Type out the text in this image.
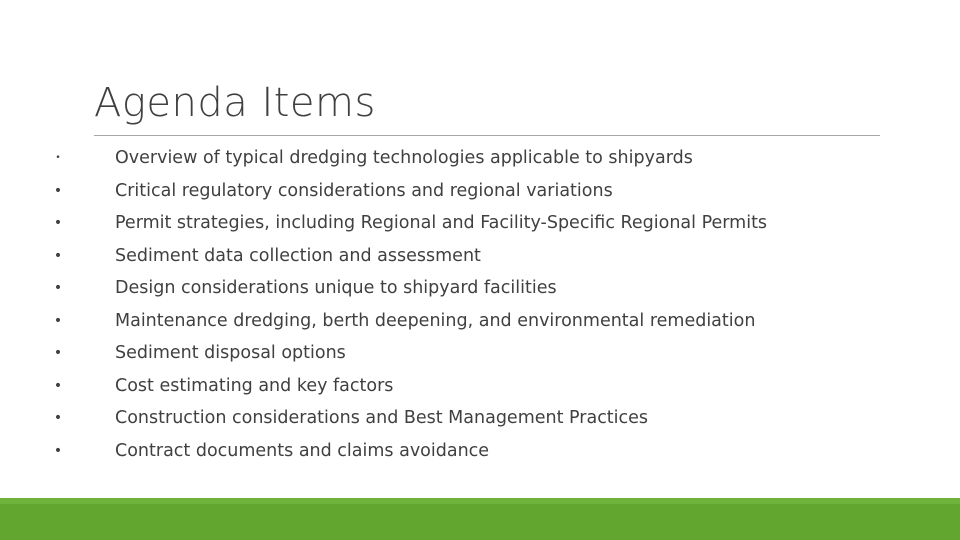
Agenda Items
•	Overview of typical dredging technologies applicable to shipyards
•	Critical regulatory considerations and regional variations
•	Permit strategies, including Regional and Facility-Specific Regional Permits
•	Sediment data collection and assessment
•	Design considerations unique to shipyard facilities
•	Maintenance dredging, berth deepening, and environmental remediation
•	Sediment disposal options
•	Cost estimating and key factors
•	Construction considerations and Best Management Practices
•	Contract documents and claims avoidance
